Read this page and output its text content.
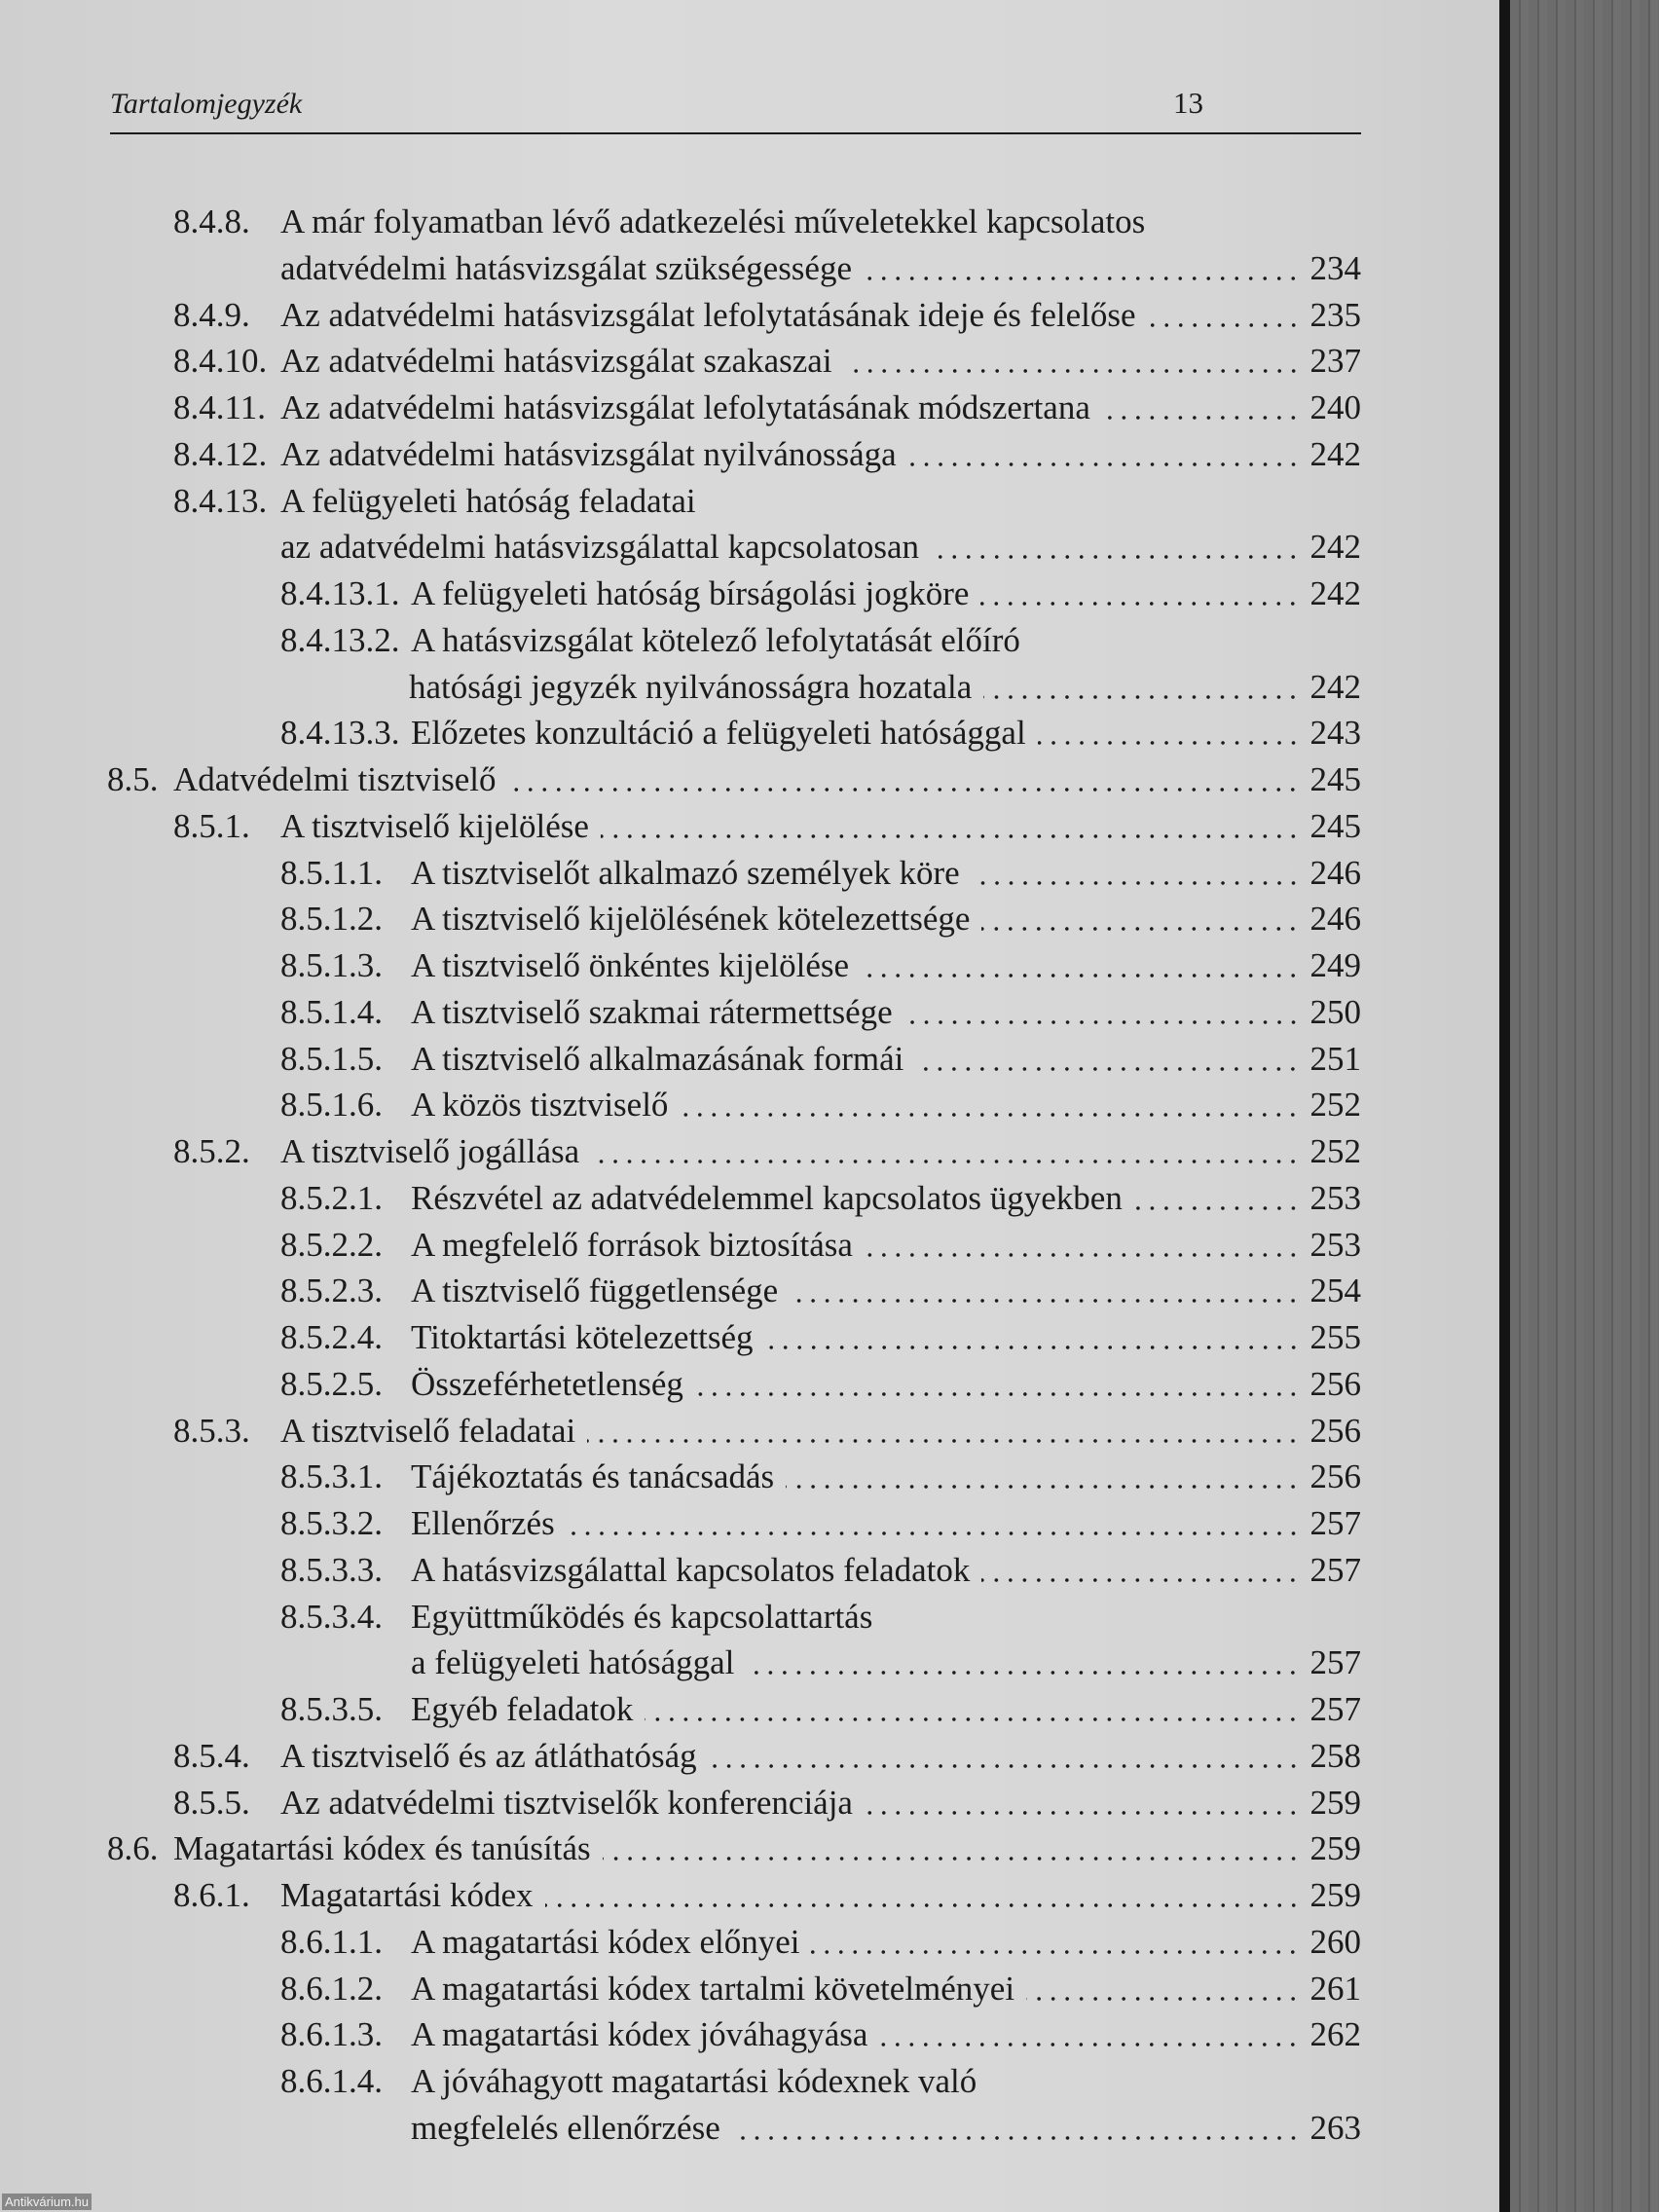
Tartalomjegyzék	13
8.4.8. A már folyamatban lévő adatkezelési műveletekkel kapcsolatos
adatvédelmi hatásvizsgálat szükségessége	234
8.4.9. Az adatvédelmi hatásvizsgálat lefolytatásának ideje és felelőse	235
8.4.10. Az adatvédelmi hatásvizsgálat szakaszai	237
8.4.11. Az adatvédelmi hatásvizsgálat lefolytatásának módszertana	240
8.4.12. Az adatvédelmi hatásvizsgálat nyilvánossága	242
8.4.13. A felügyeleti hatóság feladatai
az adatvédelmi hatásvizsgálattal kapcsolatosan	242
8.4.13.1. A felügyeleti hatóság bírságolási jogköre	242
8.4.13.2. A hatásvizsgálat kötelező lefolytatását előíró
hatósági jegyzék nyilvánosságra hozatala	242
8.4.13.3. Előzetes konzultáció a felügyeleti hatósággal	243
8.5. Adatvédelmi tisztviselő	245
8.5.1. A tisztviselő kijelölése	245
8.5.1.1. A tisztviselőt alkalmazó személyek köre	246
8.5.1.2. A tisztviselő kijelölésének kötelezettsége	246
8.5.1.3. A tisztviselő önkéntes kijelölése	249
8.5.1.4. A tisztviselő szakmai rátermettsége	250
8.5.1.5. A tisztviselő alkalmazásának formái	251
8.5.1.6. A közös tisztviselő	252
8.5.2. A tisztviselő jogállása	252
8.5.2.1. Részvétel az adatvédelemmel kapcsolatos ügyekben	253
8.5.2.2. A megfelelő források biztosítása	253
8.5.2.3. A tisztviselő függetlensége	254
8.5.2.4. Titoktartási kötelezettség	255
8.5.2.5. Összeférhetetlenség	256
8.5.3. A tisztviselő feladatai	256
8.5.3.1. Tájékoztatás és tanácsadás	256
8.5.3.2. Ellenőrzés	257
8.5.3.3. A hatásvizsgálattal kapcsolatos feladatok	257
8.5.3.4. Együttműködés és kapcsolattartás
a felügyeleti hatósággal	257
8.5.3.5. Egyéb feladatok	257
8.5.4. A tisztviselő és az átláthatóság	258
8.5.5. Az adatvédelmi tisztviselők konferenciája	259
8.6. Magatartási kódex és tanúsítás	259
8.6.1. Magatartási kódex	259
8.6.1.1. A magatartási kódex előnyei	260
8.6.1.2. A magatartási kódex tartalmi követelményei	261
8.6.1.3. A magatartási kódex jóváhagyása	262
8.6.1.4. A jóváhagyott magatartási kódexnek való
megfelelés ellenőrzése	263
Antikvárium.hu
